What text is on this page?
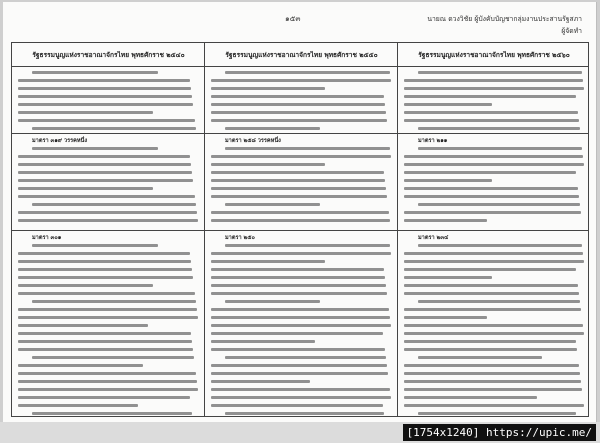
๑๕๓	นายณ ดวงวิชัย ผู้บังคับบัญชากลุ่มงานประสานรัฐสภา
ผู้จัดทำ
รัฐธรรมนูญแห่งราชอาณาจักรไทย พุทธศักราช ๒๕๔๐	รัฐธรรมนูญแห่งราชอาณาจักรไทย พุทธศักราช ๒๕๕๐	รัฐธรรมนูญแห่งราชอาณาจักรไทย พุทธศักราช ๒๕๖๐
มาตรา ๓๑๙ วรรคหนึ่ง	มาตรา ๒๕๘ วรรคหนึ่ง	มาตรา ๒๑๑
มาตรา ๓๐๑	มาตรา ๒๕๐	มาตรา ๒๓๔
[1754x1240] https://upic.me/
